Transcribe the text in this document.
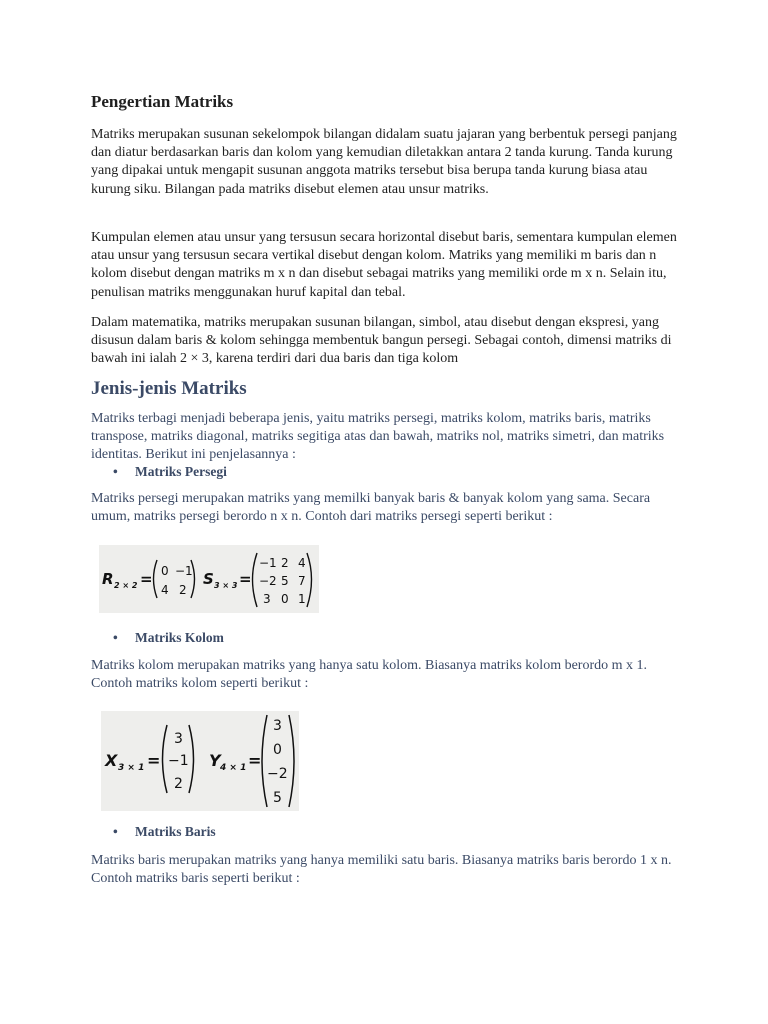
Pengertian Matriks

Matriks merupakan susunan sekelompok bilangan didalam suatu jajaran yang berbentuk persegi panjang dan diatur berdasarkan baris dan kolom yang kemudian diletakkan antara 2 tanda kurung. Tanda kurung yang dipakai untuk mengapit susunan anggota matriks tersebut bisa berupa tanda kurung biasa atau kurung siku. Bilangan pada matriks disebut elemen atau unsur matriks.

Kumpulan elemen atau unsur yang tersusun secara horizontal disebut baris, sementara kumpulan elemen atau unsur yang tersusun secara vertikal disebut dengan kolom. Matriks yang memiliki m baris dan n kolom disebut dengan matriks m x n dan disebut sebagai matriks yang memiliki orde m x n. Selain itu, penulisan matriks menggunakan huruf kapital dan tebal.

Dalam matematika, matriks merupakan susunan bilangan, simbol, atau disebut dengan ekspresi, yang disusun dalam baris & kolom sehingga membentuk bangun persegi. Sebagai contoh, dimensi matriks di bawah ini ialah 2 × 3, karena terdiri dari dua baris dan tiga kolom

Jenis-jenis Matriks

Matriks terbagi menjadi beberapa jenis, yaitu matriks persegi, matriks kolom, matriks baris, matriks transpose, matriks diagonal, matriks segitiga atas dan bawah, matriks nol, matriks simetri, dan matriks identitas. Berikut ini penjelasannya :

• Matriks Persegi

Matriks persegi merupakan matriks yang memilki banyak baris & banyak kolom yang sama. Secara umum, matriks persegi berordo n x n. Contoh dari matriks persegi seperti berikut :

• Matriks Kolom

Matriks kolom merupakan matriks yang hanya satu kolom. Biasanya matriks kolom berordo m x 1. Contoh matriks kolom seperti berikut :

• Matriks Baris

Matriks baris merupakan matriks yang hanya memiliki satu baris. Biasanya matriks baris berordo 1 x n. Contoh matriks baris seperti berikut :

R 2 × 2 = 0 −1
4 2
S 3 × 3 =
−1 2 4
−2 5 7
3 0 1
X 3 × 1 =
3
−1
2
Y 4 × 1 =
3
0
−2
5
